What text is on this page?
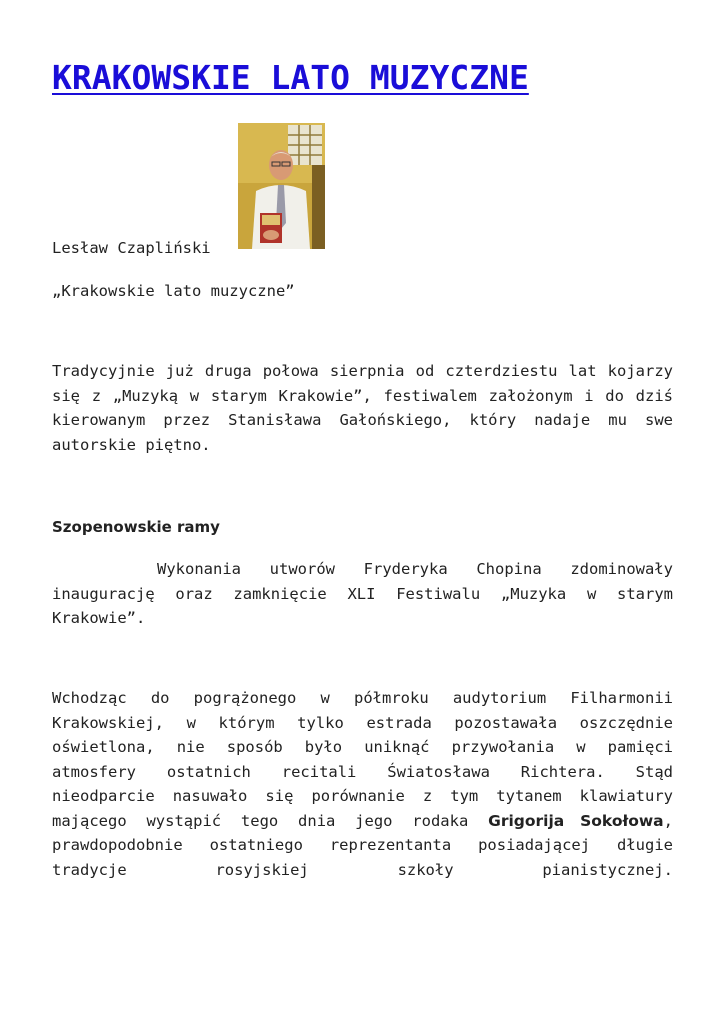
KRAKOWSKIE LATO MUZYCZNE

Lesław Czapliński

„Krakowskie lato muzyczne”

Tradycyjnie już druga połowa sierpnia od czterdziestu lat kojarzy się z „Muzyką w starym Krakowie”, festiwalem założonym i do dziś kierowanym przez Stanisława Gałońskiego, który nadaje mu swe autorskie piętno.

Szopenowskie ramy

Wykonania utworów Fryderyka Chopina zdominowały inaugurację oraz zamknięcie XLI Festiwalu „Muzyka w starym Krakowie”.

Wchodząc do pogrążonego w półmroku audytorium Filharmonii Krakowskiej, w którym tylko estrada pozostawała oszczędnie oświetlona, nie sposób było uniknąć przywołania w pamięci atmosfery ostatnich recitali Światosława Richtera. Stąd nieodparcie nasuwało się porównanie z tym tytanem klawiatury mającego wystąpić tego dnia jego rodaka Grigorija Sokołowa, prawdopodobnie ostatniego reprezentanta posiadającej długie tradycje rosyjskiej szkoły pianistycznej.
